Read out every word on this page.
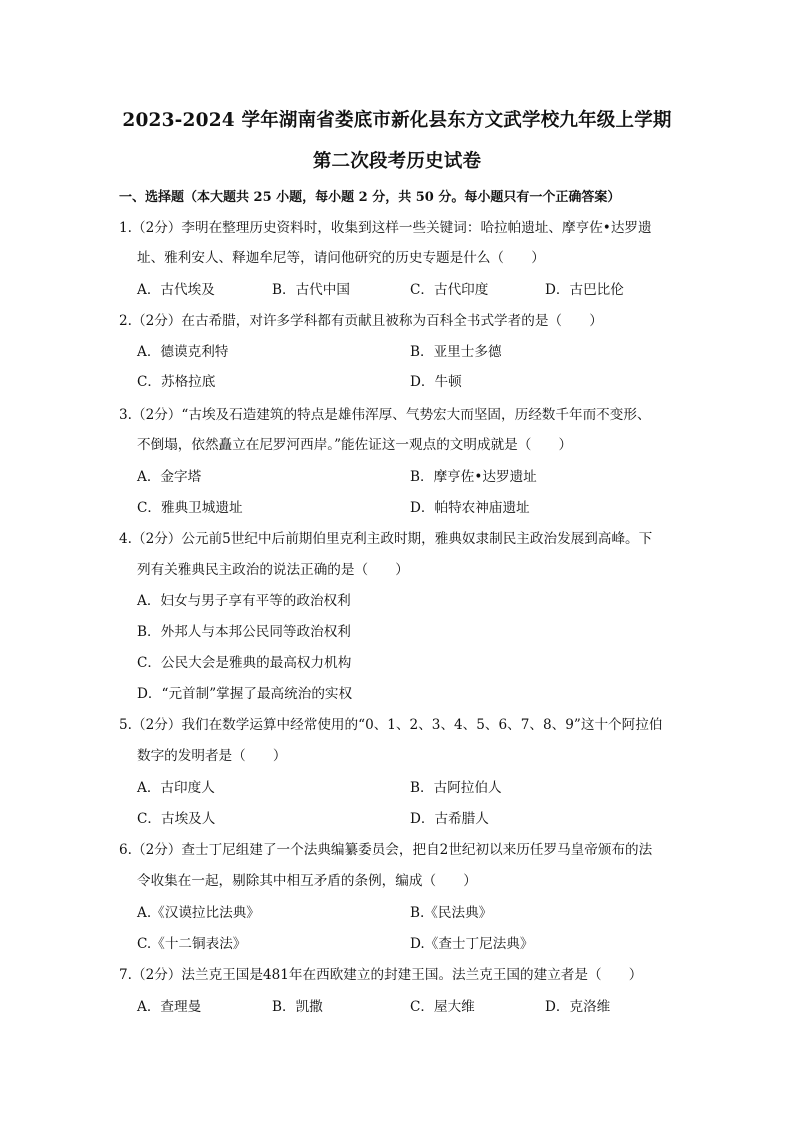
2023-2024 学年湖南省娄底市新化县东方文武学校九年级上学期
第二次段考历史试卷
一、选择题（本大题共 25 小题，每小题 2 分，共 50 分。每小题只有一个正确答案）
1.（2分）李明在整理历史资料时，收集到这样一些关键词：哈拉帕遗址、摩亨佐•达罗遗
址、雅利安人、释迦牟尼等，请问他研究的历史专题是什么（　　）
A．古代埃及	B．古代中国	C．古代印度	D．古巴比伦
2.（2分）在古希腊，对许多学科都有贡献且被称为百科全书式学者的是（　　）
A．德谟克利特	B．亚里士多德
C．苏格拉底	D．牛顿
3.（2分）“古埃及石造建筑的特点是雄伟浑厚、气势宏大而坚固，历经数千年而不变形、
不倒塌，依然矗立在尼罗河西岸。”能佐证这一观点的文明成就是（　　）
A．金字塔	B．摩亨佐•达罗遗址
C．雅典卫城遗址	D．帕特农神庙遗址
4.（2分）公元前5世纪中后前期伯里克利主政时期，雅典奴隶制民主政治发展到高峰。下
列有关雅典民主政治的说法正确的是（　　）
A．妇女与男子享有平等的政治权利
B．外邦人与本邦公民同等政治权利
C．公民大会是雅典的最高权力机构
D．“元首制”掌握了最高统治的实权
5.（2分）我们在数学运算中经常使用的“0、1、2、3、4、5、6、7、8、9”这十个阿拉伯
数字的发明者是（　　）
A．古印度人	B．古阿拉伯人
C．古埃及人	D．古希腊人
6.（2分）查士丁尼组建了一个法典编纂委员会，把自2世纪初以来历任罗马皇帝颁布的法
令收集在一起，剔除其中相互矛盾的条例，编成（　　）
A.《汉谟拉比法典》	B.《民法典》
C.《十二铜表法》	D.《查士丁尼法典》
7.（2分）法兰克王国是481年在西欧建立的封建王国。法兰克王国的建立者是（　　）
A．查理曼	B．凯撒	C．屋大维	D．克洛维
